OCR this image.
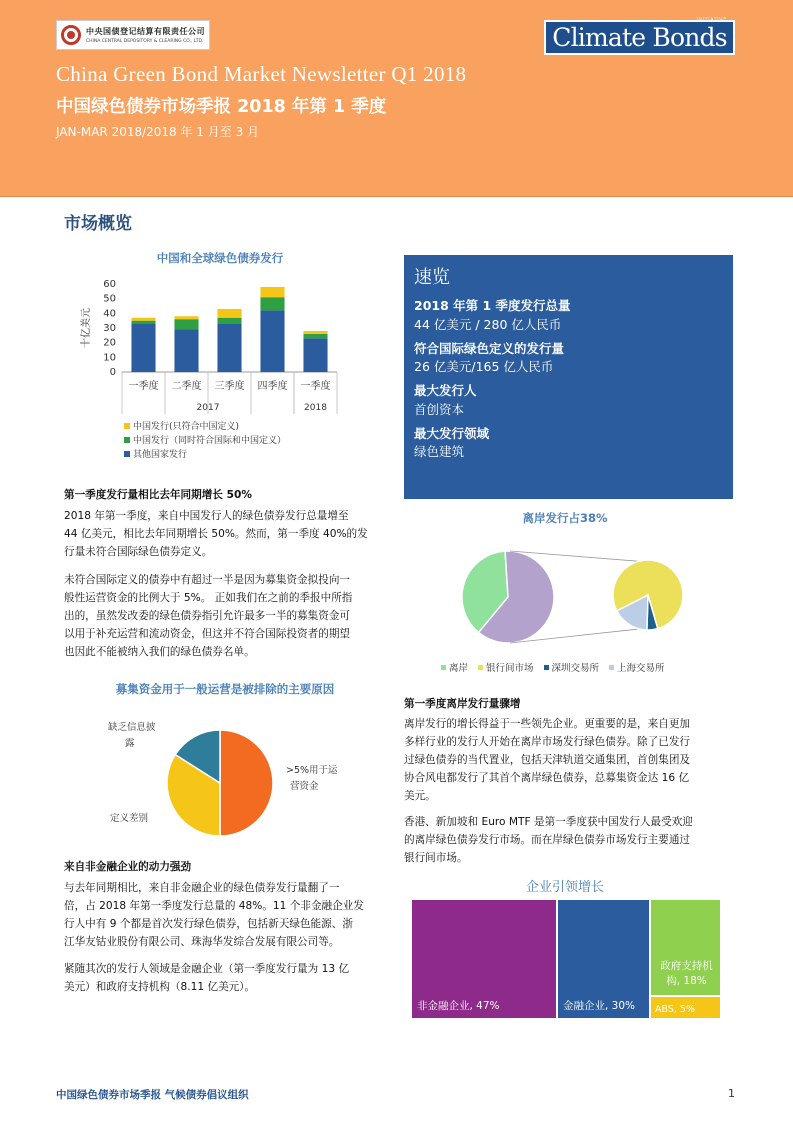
中央国债登记结算有限责任公司
CHINA CENTRAL DEPOSITORY & CLEARING CO., LTD.	Climate Bonds
INITIATIVE
China Green Bond Market Newsletter Q1 2018
中国绿色债券市场季报 2018 年第 1 季度
JAN-MAR 2018/2018 年 1 月至 3 月
市场概览
中国和全球绿色债券发行
0
10
20
30
40
50
60
十亿美元
一季度 二季度 三季度 四季度 一季度
2017	2018
中国发行(只符合中国定义)
中国发行（同时符合国际和中国定义）
其他国家发行
第一季度发行量相比去年同期增长 50%
2018 年第一季度，来自中国发行人的绿色债券发行总量增至
44 亿美元，相比去年同期增长 50%。然而，第一季度 40%的发
行量未符合国际绿色债券定义。
未符合国际定义的债券中有超过一半是因为募集资金拟投向一
般性运营资金的比例大于 5%。 正如我们在之前的季报中所指
出的，虽然发改委的绿色债券指引允许最多一半的募集资金可
以用于补充运营和流动资金，但这并不符合国际投资者的期望
也因此不能被纳入我们的绿色债券名单。
募集资金用于一般运营是被排除的主要原因
>5%用于运
营资金
定义差别
缺乏信息披
露
来自非金融企业的动力强劲
与去年同期相比，来自非金融企业的绿色债券发行量翻了一
倍，占 2018 年第一季度发行总量的 48%。11 个非金融企业发
行人中有 9 个都是首次发行绿色债券，包括新天绿色能源、浙
江华友钴业股份有限公司、珠海华发综合发展有限公司等。
紧随其次的发行人领域是金融企业（第一季度发行量为 13 亿
美元）和政府支持机构（8.11 亿美元）。
速览
2018 年第 1 季度发行总量
44 亿美元 / 280 亿人民币
符合国际绿色定义的发行量
26 亿美元/165 亿人民币
最大发行人
首创资本
最大发行领域
绿色建筑
离岸发行占38%
离岸 银行间市场 深圳交易所 上海交易所
第一季度离岸发行量骤增
离岸发行的增长得益于一些领先企业。更重要的是，来自更加
多样行业的发行人开始在离岸市场发行绿色债券。除了已发行
过绿色债券的当代置业，包括天津轨道交通集团，首创集团及
协合风电都发行了其首个离岸绿色债券，总募集资金达 16 亿
美元。
香港、新加坡和 Euro MTF 是第一季度获中国发行人最受欢迎
的离岸绿色债券发行市场。而在岸绿色债券市场发行主要通过
银行间市场。
企业引领增长
非金融企业, 47%	金融企业, 30%
政府支持机构, 18%
ABS, 5%
中国绿色债券市场季报 气候债券倡议组织	1
